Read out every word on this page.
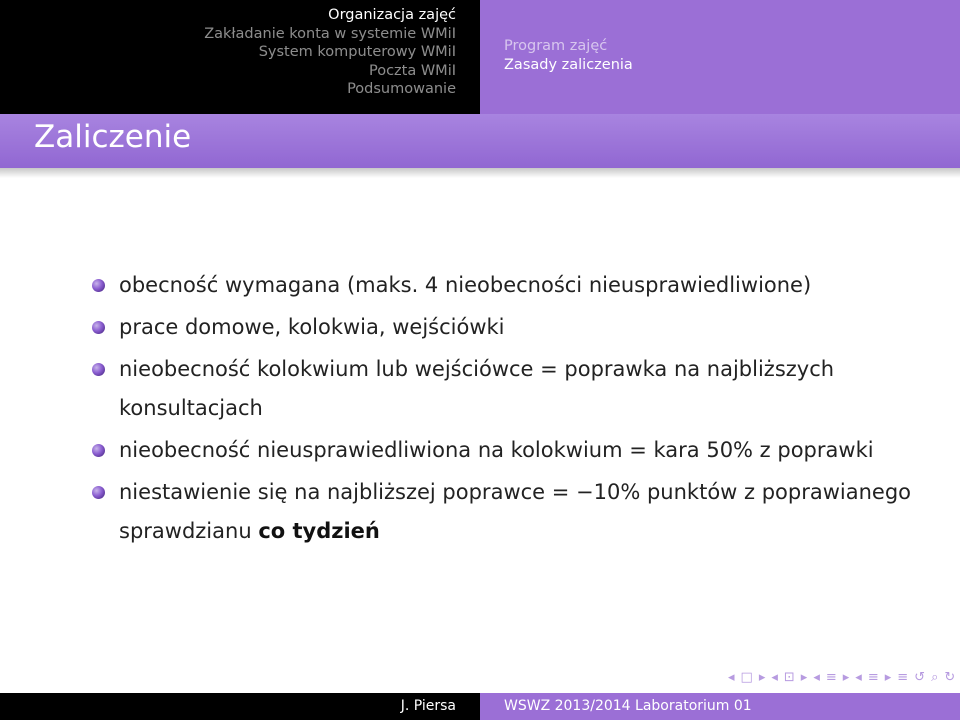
Organizacja zajęć
Zakładanie konta w systemie WMiI
System komputerowy WMiI
Poczta WMiI
Podsumowanie
Program zajęć
Zasady zaliczenia
Zaliczenie
obecność wymagana (maks. 4 nieobecności nieusprawiedliwione)
prace domowe, kolokwia, wejściówki
nieobecność kolokwium lub wejściówce = poprawka na najbliższych konsultacjach
nieobecność nieusprawiedliwiona na kolokwium = kara 50% z poprawki
niestawienie się na najbliższej poprawce = −10% punktów z poprawianego sprawdzianu co tydzień
◂ □ ▸ ◂ ⊡ ▸ ◂ ≡ ▸ ◂ ≡ ▸ ≡ ↺ ⌕ ↻
J. Piersa	WSWZ 2013/2014 Laboratorium 01
